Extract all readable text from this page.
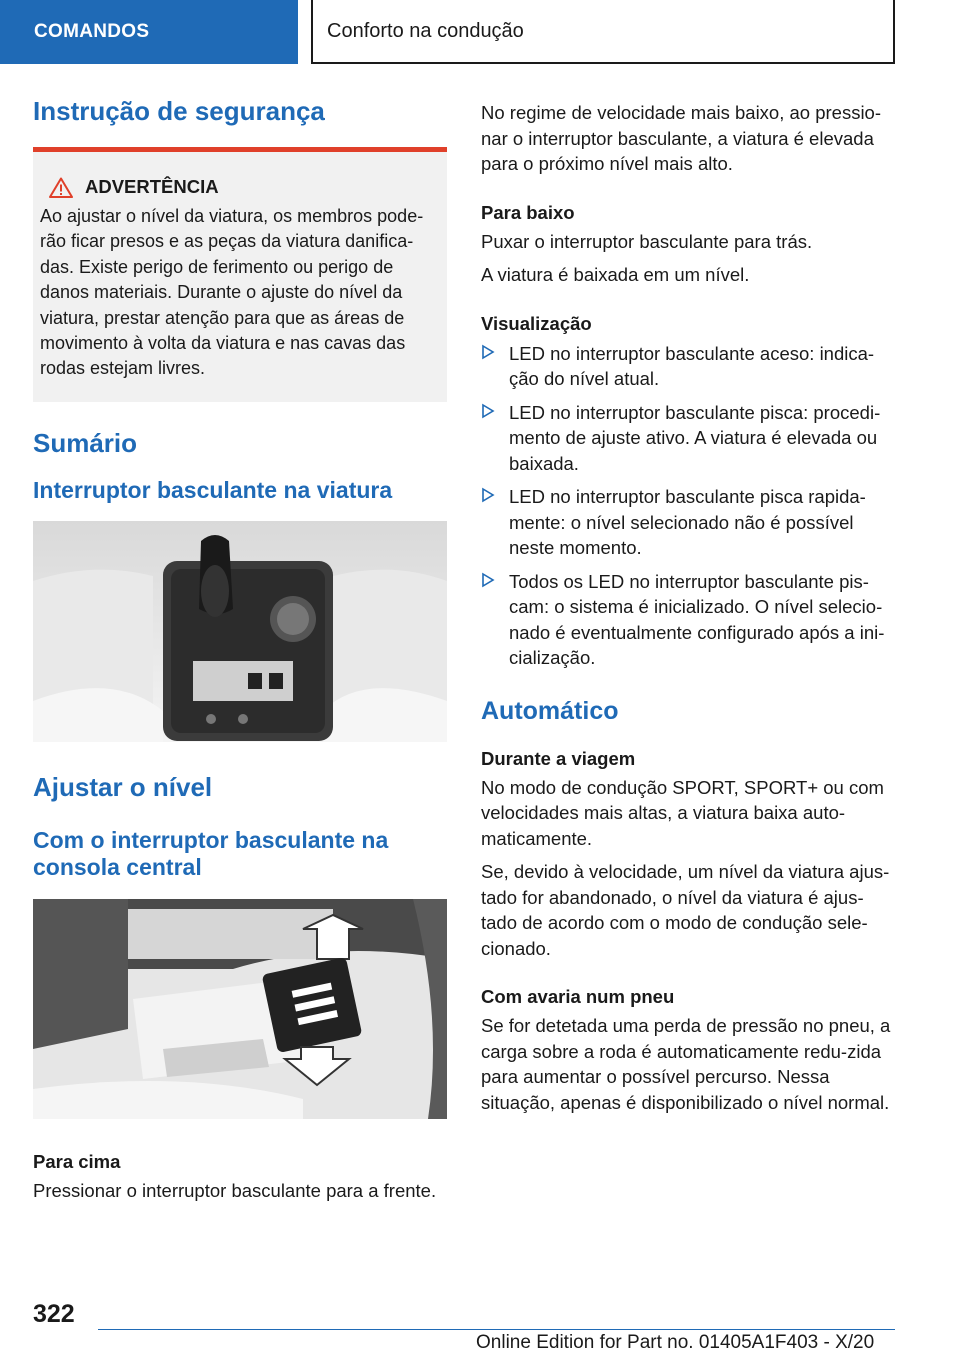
COMANDOS	Conforto na condução
Instrução de segurança
ADVERTÊNCIA

Ao ajustar o nível da viatura, os membros pode‐rão ficar presos e as peças da viatura danifica‐das. Existe perigo de ferimento ou perigo de danos materiais. Durante o ajuste do nível da viatura, prestar atenção para que as áreas de movimento à volta da viatura e nas cavas das rodas estejam livres.

Sumário
Interruptor basculante na viatura
Ajustar o nível
Com o interruptor basculante na consola central
Para cima

Pressionar o interruptor basculante para a frente.

No regime de velocidade mais baixo, ao pressio‐nar o interruptor basculante, a viatura é elevada para o próximo nível mais alto.

Para baixo

Puxar o interruptor basculante para trás.

A viatura é baixada em um nível.

Visualização
LED no interruptor basculante aceso: indica‐ção do nível atual.
LED no interruptor basculante pisca: procedi‐mento de ajuste ativo. A viatura é elevada ou baixada.
LED no interruptor basculante pisca rapida‐mente: o nível selecionado não é possível neste momento.
Todos os LED no interruptor basculante pis‐cam: o sistema é inicializado. O nível selecio‐nado é eventualmente configurado após a ini‐cialização.
Automático
Durante a viagem

No modo de condução SPORT, SPORT+ ou com velocidades mais altas, a viatura baixa auto‐maticamente.

Se, devido à velocidade, um nível da viatura ajus‐tado for abandonado, o nível da viatura é ajus‐tado de acordo com o modo de condução sele‐cionado.

Com avaria num pneu

Se for detetada uma perda de pressão no pneu, a carga sobre a roda é automaticamente redu‐zida para aumentar o possível percurso. Nessa situação, apenas é disponibilizado o nível normal.

322
Online Edition for Part no. 01405A1F403 - X/20
